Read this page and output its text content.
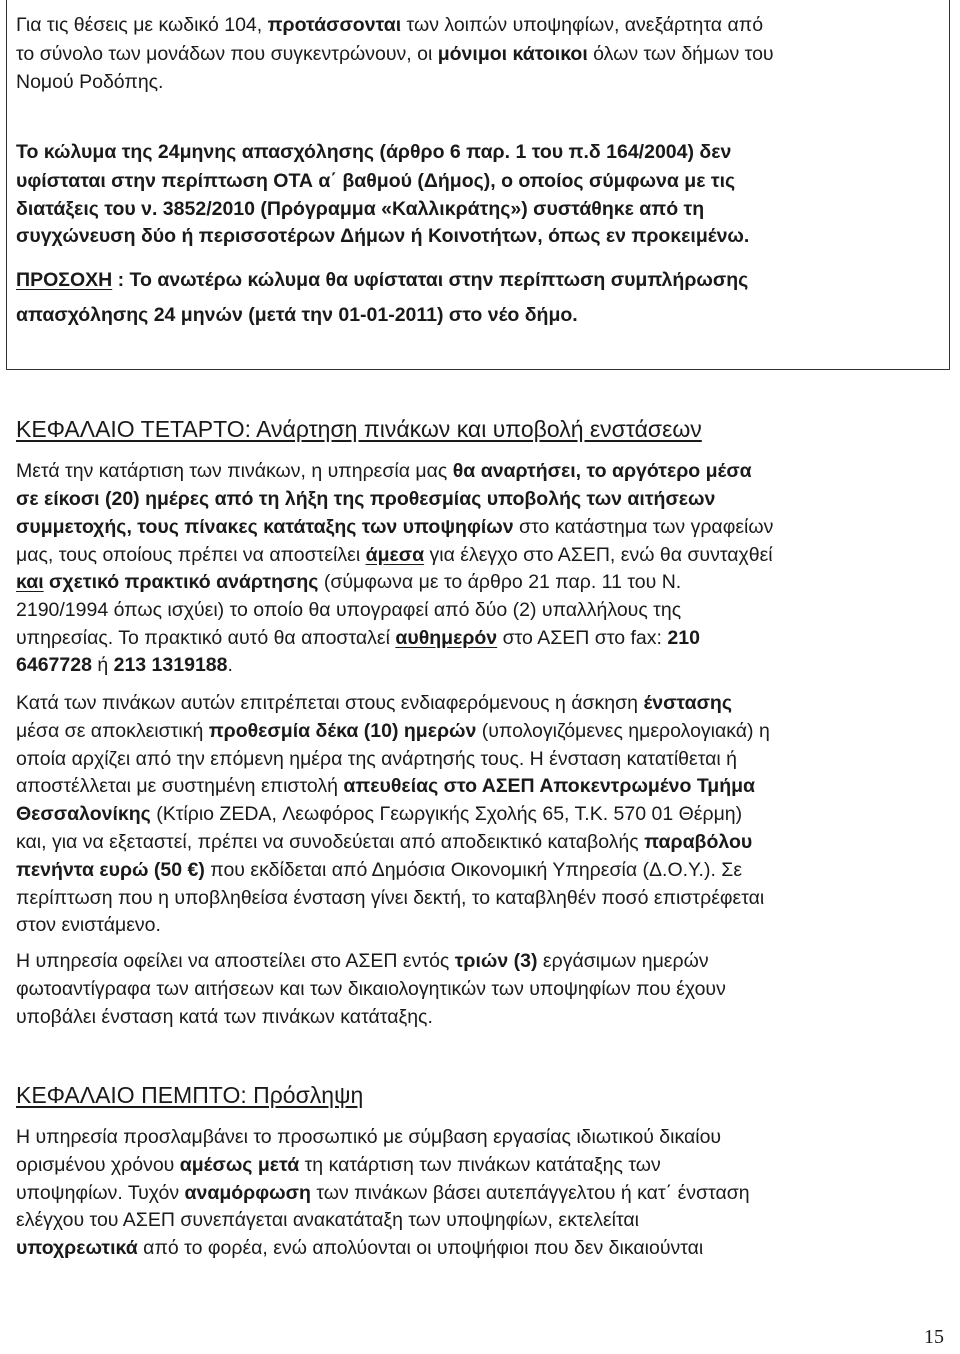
Για τις θέσεις με κωδικό 104, προτάσσονται των λοιπών υποψηφίων, ανεξάρτητα από
το σύνολο των μονάδων που συγκεντρώνουν, οι μόνιμοι κάτοικοι όλων των δήμων του
Νομού Ροδόπης.
Το κώλυμα της 24μηνης απασχόλησης (άρθρο 6 παρ. 1 του π.δ 164/2004) δεν
υφίσταται στην περίπτωση ΟΤΑ α΄ βαθμού (Δήμος), ο οποίος σύμφωνα με τις
διατάξεις του ν. 3852/2010 (Πρόγραμμα «Καλλικράτης») συστάθηκε από τη
συγχώνευση δύο ή περισσοτέρων Δήμων ή Κοινοτήτων, όπως εν προκειμένω.
ΠΡΟΣΟΧΗ : Το ανωτέρω κώλυμα θα υφίσταται στην περίπτωση συμπλήρωσης
απασχόλησης 24 μηνών (μετά την 01-01-2011) στο νέο δήμο.
ΚΕΦΑΛΑΙΟ ΤΕΤΑΡΤΟ: Ανάρτηση πινάκων και υποβολή ενστάσεων
Μετά την κατάρτιση των πινάκων, η υπηρεσία μας θα αναρτήσει, το αργότερο μέσα
σε είκοσι (20) ημέρες από τη λήξη της προθεσμίας υποβολής των αιτήσεων
συμμετοχής, τους πίνακες κατάταξης των υποψηφίων στο κατάστημα των γραφείων
μας, τους οποίους πρέπει να αποστείλει άμεσα για έλεγχο στο ΑΣΕΠ, ενώ θα συνταχθεί
και σχετικό πρακτικό ανάρτησης (σύμφωνα με το άρθρο 21 παρ. 11 του Ν.
2190/1994 όπως ισχύει) το οποίο θα υπογραφεί από δύο (2) υπαλλήλους της
υπηρεσίας. Το πρακτικό αυτό θα αποσταλεί αυθημερόν στο ΑΣΕΠ στο fax: 210
6467728 ή 213 1319188.
Κατά των πινάκων αυτών επιτρέπεται στους ενδιαφερόμενους η άσκηση ένστασης
μέσα σε αποκλειστική προθεσμία δέκα (10) ημερών (υπολογιζόμενες ημερολογιακά) η
οποία αρχίζει από την επόμενη ημέρα της ανάρτησής τους. Η ένσταση κατατίθεται ή
αποστέλλεται με συστημένη επιστολή απευθείας στο ΑΣΕΠ Αποκεντρωμένο Τμήμα
Θεσσαλονίκης (Κτίριο ΖΕDA, Λεωφόρος Γεωργικής Σχολής 65, Τ.Κ. 570 01 Θέρμη)
και, για να εξεταστεί, πρέπει να συνοδεύεται από αποδεικτικό καταβολής παραβόλου
πενήντα ευρώ (50 €) που εκδίδεται από Δημόσια Οικονομική Υπηρεσία (Δ.Ο.Υ.). Σε
περίπτωση που η υποβληθείσα ένσταση γίνει δεκτή, το καταβληθέν ποσό επιστρέφεται
στον ενιστάμενο.
Η υπηρεσία οφείλει να αποστείλει στο ΑΣΕΠ εντός τριών (3) εργάσιμων ημερών
φωτοαντίγραφα των αιτήσεων και των δικαιολογητικών των υποψηφίων που έχουν
υποβάλει ένσταση κατά των πινάκων κατάταξης.
ΚΕΦΑΛΑΙΟ ΠΕΜΠΤΟ: Πρόσληψη
Η υπηρεσία προσλαμβάνει το προσωπικό με σύμβαση εργασίας ιδιωτικού δικαίου
ορισμένου χρόνου αμέσως μετά τη κατάρτιση των πινάκων κατάταξης των
υποψηφίων. Τυχόν αναμόρφωση των πινάκων βάσει αυτεπάγγελτου ή κατ΄ ένσταση
ελέγχου του ΑΣΕΠ συνεπάγεται ανακατάταξη των υποψηφίων, εκτελείται
υποχρεωτικά από το φορέα, ενώ απολύονται οι υποψήφιοι που δεν δικαιούνται
15
